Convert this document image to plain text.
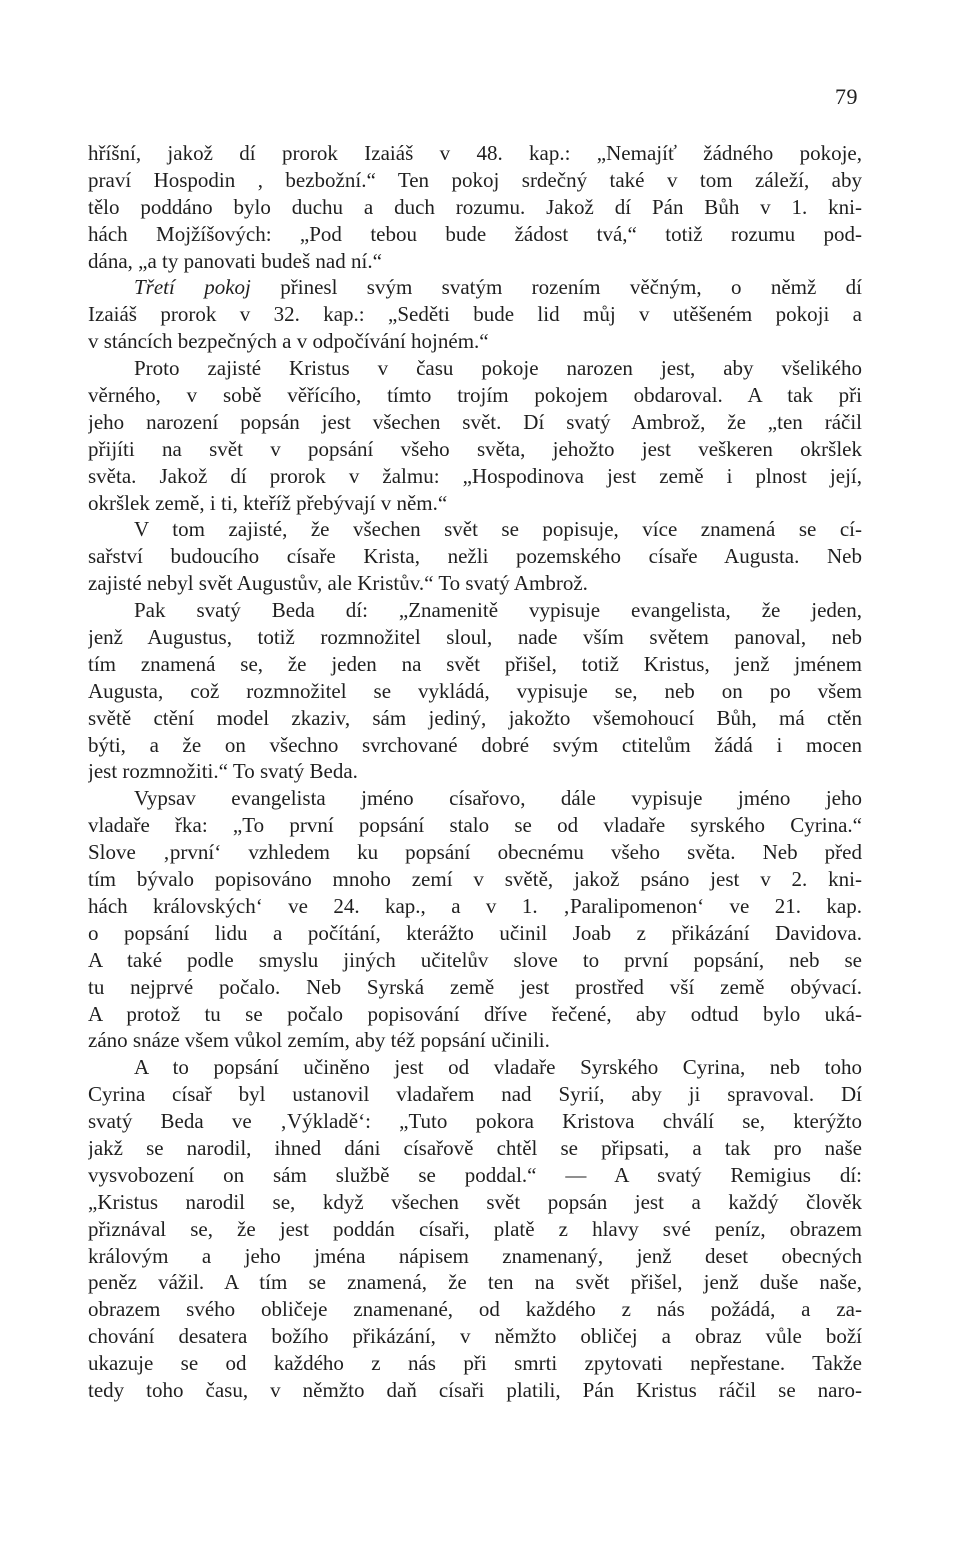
79
hříšní, jakož dí prorok Izaiáš v 48. kap.: „Nemajíť žádného pokoje,
praví Hospodin , bezbožní.“ Ten pokoj srdečný také v tom záleží, aby
tělo poddáno bylo duchu a duch rozumu. Jakož dí Pán Bůh v 1. kni-
hách Mojžíšových: „Pod tebou bude žádost tvá,“ totiž rozumu pod-
dána, „a ty panovati budeš nad ní.“
Třetí pokoj přinesl svým svatým rozením věčným, o němž dí
Izaiáš prorok v 32. kap.: „Seděti bude lid můj v utěšeném pokoji a
v stáncích bezpečných a v odpočívání hojném.“
Proto zajisté Kristus v času pokoje narozen jest, aby všelikého
věrného, v sobě věřícího, tímto trojím pokojem obdaroval. A tak při
jeho narození popsán jest všechen svět. Dí svatý Ambrož, že „ten ráčil
přijíti na svět v popsání všeho světa, jehožto jest veškeren okršlek
světa. Jakož dí prorok v žalmu: „Hospodinova jest země i plnost její,
okršlek země, i ti, kteříž přebývají v něm.“
V tom zajisté, že všechen svět se popisuje, více znamená se cí-
sařství budoucího císaře Krista, nežli pozemského císaře Augusta. Neb
zajisté nebyl svět Augustův, ale Kristův.“ To svatý Ambrož.
Pak svatý Beda dí: „Znamenitě vypisuje evangelista, že jeden,
jenž Augustus, totiž rozmnožitel sloul, nade vším světem panoval, neb
tím znamená se, že jeden na svět přišel, totiž Kristus, jenž jménem
Augusta, což rozmnožitel se vykládá, vypisuje se, neb on po všem
světě ctění model zkaziv, sám jediný, jakožto všemohoucí Bůh, má ctěn
býti, a že on všechno svrchované dobré svým ctitelům žádá i mocen
jest rozmnožiti.“ To svatý Beda.
Vypsav evangelista jméno císařovo, dále vypisuje jméno jeho
vladaře řka: „To první popsání stalo se od vladaře syrského Cyrina.“
Slove ‚první‘ vzhledem ku popsání obecnému všeho světa. Neb před
tím bývalo popisováno mnoho zemí v světě, jakož psáno jest v 2. kni-
hách královských‘ ve 24. kap., a v 1. ‚Paralipomenon‘ ve 21. kap.
o popsání lidu a počítání, kterážto učinil Joab z přikázání Davidova.
A také podle smyslu jiných učitelův slove to první popsání, neb se
tu nejprvé počalo. Neb Syrská země jest prostřed vší země obývací.
A protož tu se počalo popisování dříve řečené, aby odtud bylo uká-
záno snáze všem vůkol zemím, aby též popsání učinili.
A to popsání učiněno jest od vladaře Syrského Cyrina, neb toho
Cyrina císař byl ustanovil vladařem nad Syrií, aby ji spravoval. Dí
svatý Beda ve ‚Výkladě‘: „Tuto pokora Kristova chválí se, kterýžto
jakž se narodil, ihned dáni císařově chtěl se připsati, a tak pro naše
vysvobození on sám službě se poddal.“ — A svatý Remigius dí:
„Kristus narodil se, když všechen svět popsán jest a každý člověk
přiznával se, že jest poddán císaři, platě z hlavy své peníz, obrazem
královým a jeho jména nápisem znamenaný, jenž deset obecných
peněz vážil. A tím se znamená, že ten na svět přišel, jenž duše naše,
obrazem svého obličeje znamenané, od každého z nás požádá, a za-
chování desatera božího přikázání, v němžto obličej a obraz vůle boží
ukazuje se od každého z nás při smrti zpytovati nepřestane. Takže
tedy toho času, v němžto daň císaři platili, Pán Kristus ráčil se naro-
